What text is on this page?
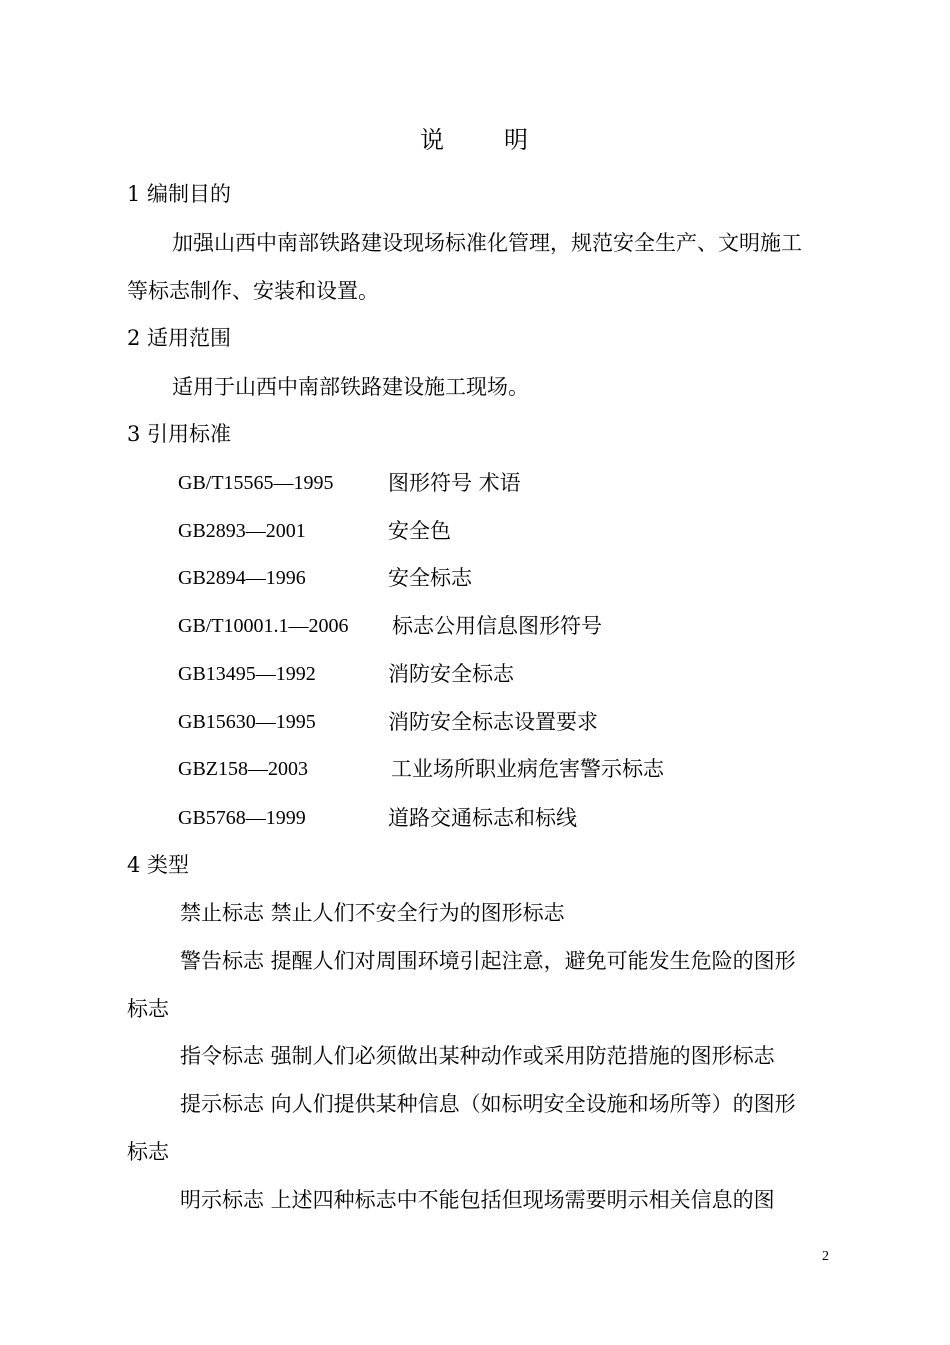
说 明
1 编制目的
加强山西中南部铁路建设现场标准化管理，规范安全生产、文明施工
等标志制作、安装和设置。
2 适用范围
适用于山西中南部铁路建设施工现场。
3 引用标准
GB/T15565—1995	图形符号 术语
GB2893—2001	安全色
GB2894—1996	安全标志
GB/T10001.1—2006 标志公用信息图形符号
GB13495—1992	消防安全标志
GB15630—1995	消防安全标志设置要求
GBZ158—2003	工业场所职业病危害警示标志
GB5768—1999	道路交通标志和标线
4 类型
禁止标志 禁止人们不安全行为的图形标志
警告标志 提醒人们对周围环境引起注意，避免可能发生危险的图形
标志
指令标志 强制人们必须做出某种动作或采用防范措施的图形标志
提示标志 向人们提供某种信息（如标明安全设施和场所等）的图形
标志
明示标志 上述四种标志中不能包括但现场需要明示相关信息的图
2
